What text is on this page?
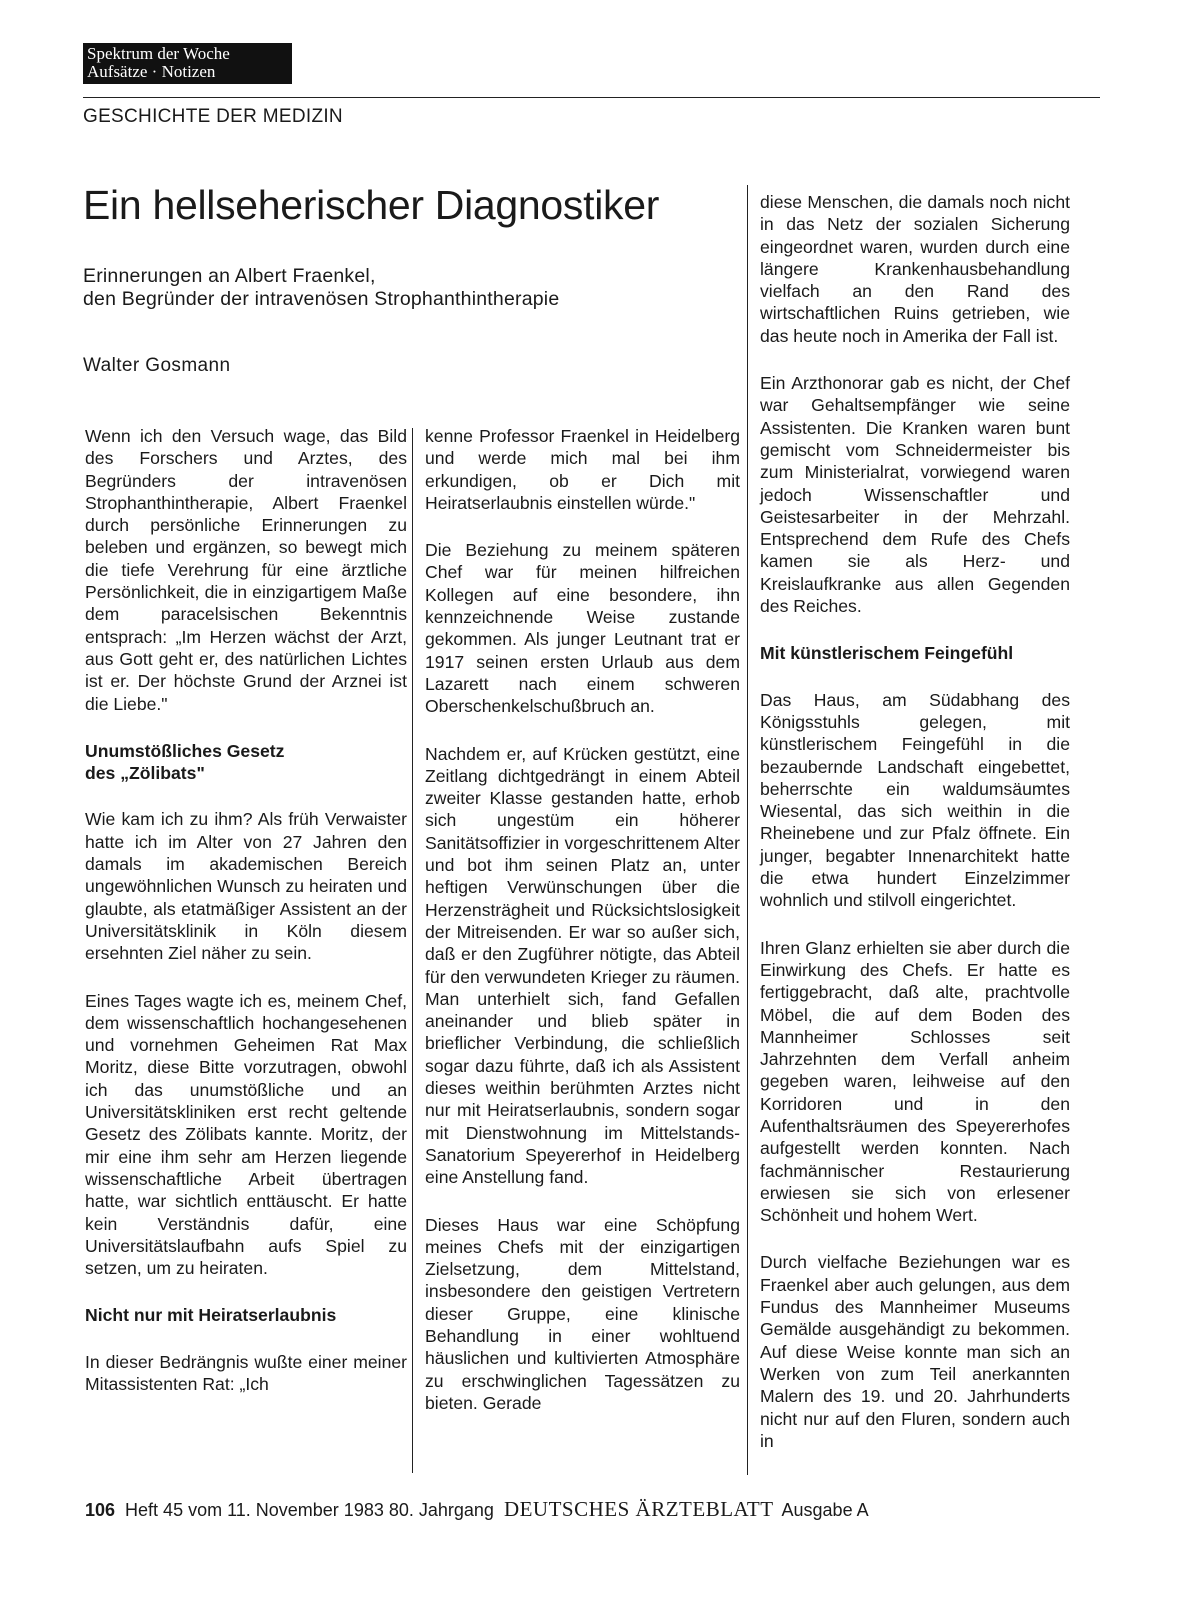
Spektrum der Woche
Aufsätze · Notizen
GESCHICHTE DER MEDIZIN
Ein hellseherischer Diagnostiker
Erinnerungen an Albert Fraenkel,
den Begründer der intravenösen Strophanthintherapie
Walter Gosmann

Wenn ich den Versuch wage, das Bild des Forschers und Arztes, des Begründers der intravenösen Strophanthintherapie, Albert Fraenkel durch persönliche Erinnerungen zu beleben und ergänzen, so bewegt mich die tiefe Verehrung für eine ärztliche Persönlichkeit, die in einzigartigem Maße dem paracelsischen Bekenntnis entsprach: „Im Herzen wächst der Arzt, aus Gott geht er, des natürlichen Lichtes ist er. Der höchste Grund der Arznei ist die Liebe."

Unumstößliches Gesetz
des „Zölibats"

Wie kam ich zu ihm? Als früh Verwaister hatte ich im Alter von 27 Jahren den damals im akademischen Bereich ungewöhnlichen Wunsch zu heiraten und glaubte, als etatmäßiger Assistent an der Universitätsklinik in Köln diesem ersehnten Ziel näher zu sein.

Eines Tages wagte ich es, meinem Chef, dem wissenschaftlich hochangesehenen und vornehmen Geheimen Rat Max Moritz, diese Bitte vorzutragen, obwohl ich das unumstößliche und an Universitätskliniken erst recht geltende Gesetz des Zölibats kannte. Moritz, der mir eine ihm sehr am Herzen liegende wissenschaftliche Arbeit übertragen hatte, war sichtlich enttäuscht. Er hatte kein Verständnis dafür, eine Universitätslaufbahn aufs Spiel zu setzen, um zu heiraten.

Nicht nur mit Heiratserlaubnis

In dieser Bedrängnis wußte einer meiner Mitassistenten Rat: „Ich

kenne Professor Fraenkel in Heidelberg und werde mich mal bei ihm erkundigen, ob er Dich mit Heiratserlaubnis einstellen würde."

Die Beziehung zu meinem späteren Chef war für meinen hilfreichen Kollegen auf eine besondere, ihn kennzeichnende Weise zustande gekommen. Als junger Leutnant trat er 1917 seinen ersten Urlaub aus dem Lazarett nach einem schweren Oberschenkelschußbruch an.

Nachdem er, auf Krücken gestützt, eine Zeitlang dichtgedrängt in einem Abteil zweiter Klasse gestanden hatte, erhob sich ungestüm ein höherer Sanitätsoffizier in vorgeschrittenem Alter und bot ihm seinen Platz an, unter heftigen Verwünschungen über die Herzensträgheit und Rücksichtslosigkeit der Mitreisenden. Er war so außer sich, daß er den Zugführer nötigte, das Abteil für den verwundeten Krieger zu räumen. Man unterhielt sich, fand Gefallen aneinander und blieb später in brieflicher Verbindung, die schließlich sogar dazu führte, daß ich als Assistent dieses weithin berühmten Arztes nicht nur mit Heiratserlaubnis, sondern sogar mit Dienstwohnung im Mittelstands-Sanatorium Speyererhof in Heidelberg eine Anstellung fand.

Dieses Haus war eine Schöpfung meines Chefs mit der einzigartigen Zielsetzung, dem Mittelstand, insbesondere den geistigen Vertretern dieser Gruppe, eine klinische Behandlung in einer wohltuend häuslichen und kultivierten Atmosphäre zu erschwinglichen Tagessätzen zu bieten. Gerade

diese Menschen, die damals noch nicht in das Netz der sozialen Sicherung eingeordnet waren, wurden durch eine längere Krankenhausbehandlung vielfach an den Rand des wirtschaftlichen Ruins getrieben, wie das heute noch in Amerika der Fall ist.

Ein Arzthonorar gab es nicht, der Chef war Gehaltsempfänger wie seine Assistenten. Die Kranken waren bunt gemischt vom Schneidermeister bis zum Ministerialrat, vorwiegend waren jedoch Wissenschaftler und Geistesarbeiter in der Mehrzahl. Entsprechend dem Rufe des Chefs kamen sie als Herz- und Kreislaufkranke aus allen Gegenden des Reiches.

Mit künstlerischem Feingefühl

Das Haus, am Südabhang des Königsstuhls gelegen, mit künstlerischem Feingefühl in die bezaubernde Landschaft eingebettet, beherrschte ein waldumsäumtes Wiesental, das sich weithin in die Rheinebene und zur Pfalz öffnete. Ein junger, begabter Innenarchitekt hatte die etwa hundert Einzelzimmer wohnlich und stilvoll eingerichtet.

Ihren Glanz erhielten sie aber durch die Einwirkung des Chefs. Er hatte es fertiggebracht, daß alte, prachtvolle Möbel, die auf dem Boden des Mannheimer Schlosses seit Jahrzehnten dem Verfall anheim gegeben waren, leihweise auf den Korridoren und in den Aufenthaltsräumen des Speyererhofes aufgestellt werden konnten. Nach fachmännischer Restaurierung erwiesen sie sich von erlesener Schönheit und hohem Wert.

Durch vielfache Beziehungen war es Fraenkel aber auch gelungen, aus dem Fundus des Mannheimer Museums Gemälde ausgehändigt zu bekommen. Auf diese Weise konnte man sich an Werken von zum Teil anerkannten Malern des 19. und 20. Jahrhunderts nicht nur auf den Fluren, sondern auch in

106 Heft 45 vom 11. November 1983 80. Jahrgang DEUTSCHES ÄRZTEBLATT Ausgabe A
